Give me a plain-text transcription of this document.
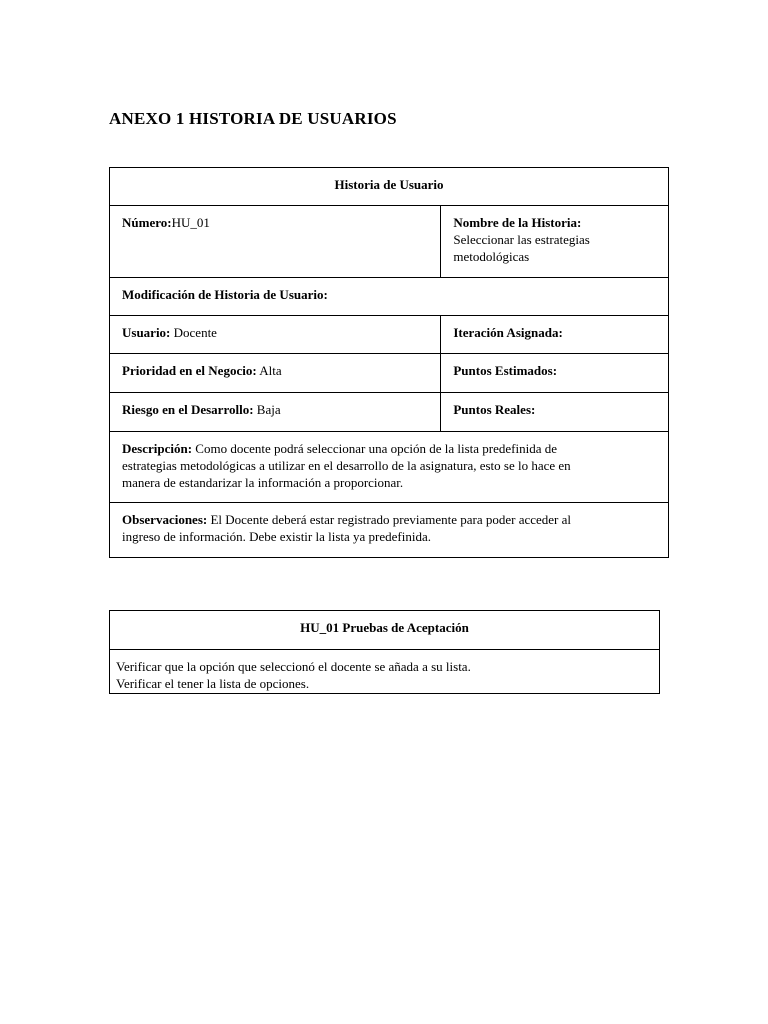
ANEXO 1 HISTORIA DE USUARIOS
Historia de Usuario	
Número:HU_01	Nombre de la Historia:
Seleccionar las estrategias
metodológicas

Modificación de Historia de Usuario:	
Usuario: Docente	Iteración Asignada:
Prioridad en el Negocio: Alta	Puntos Estimados:
Riesgo en el Desarrollo: Baja	Puntos Reales:

Descripción: Como docente podrá seleccionar una opción de la lista predefinida de
estrategias metodológicas a utilizar en el desarrollo de la asignatura, esto se lo hace en
manera de estandarizar la información a proporcionar.	

Observaciones: El Docente deberá estar registrado previamente para poder acceder al
ingreso de información. Debe existir la lista ya predefinida.	
HU_01 Pruebas de Aceptación

Verificar que la opción que seleccionó el docente se añada a su lista.
Verificar el tener la lista de opciones.
